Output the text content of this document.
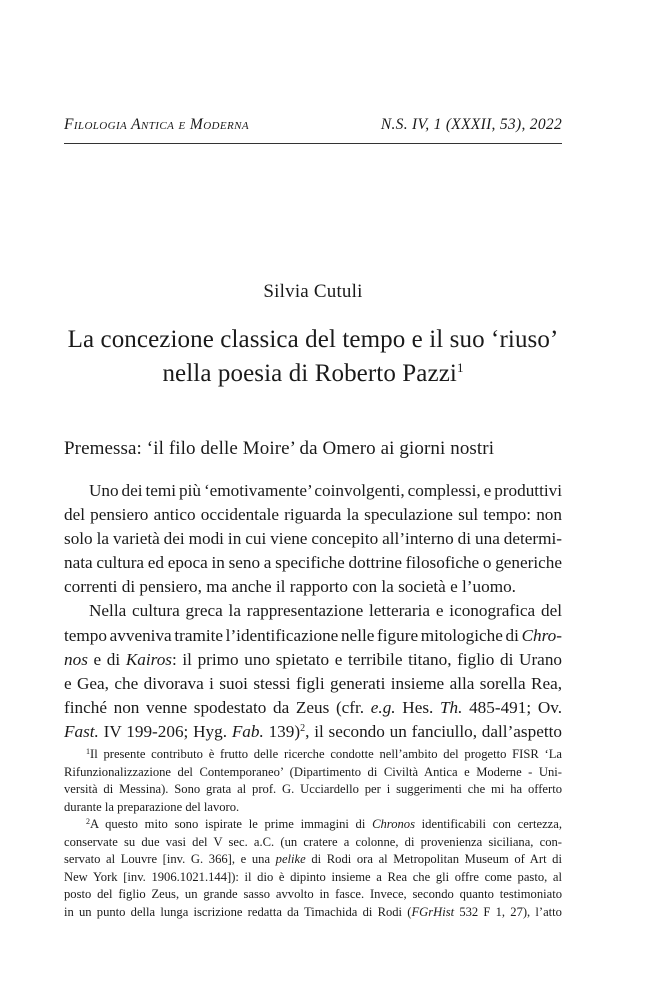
Filologia Antica e Moderna	N.S. IV, 1 (XXXII, 53), 2022
Silvia Cutuli
La concezione classica del tempo e il suo ‘riuso’
nella poesia di Roberto Pazzi$^1$
Premessa: ‘il filo delle Moire’ da Omero ai giorni nostri
Uno dei temi più ‘emotivamente’ coinvolgenti, complessi, e produttivi
del pensiero antico occidentale riguarda la speculazione sul tempo: non
solo la varietà dei modi in cui viene concepito all’interno di una determi-
nata cultura ed epoca in seno a specifiche dottrine filosofiche o generiche
correnti di pensiero, ma anche il rapporto con la società e l’uomo.
Nella cultura greca la rappresentazione letteraria e iconografica del
tempo avveniva tramite l’identificazione nelle figure mitologiche di Chro-
nos e di Kairos: il primo uno spietato e terribile titano, figlio di Urano
e Gea, che divorava i suoi stessi figli generati insieme alla sorella Rea,
finché non venne spodestato da Zeus (cfr. e.g. Hes. Th. 485-491; Ov.
Fast. IV 199-206; Hyg. Fab. 139)$^2$, il secondo un fanciullo, dall’aspetto
$^1$Il presente contributo è frutto delle ricerche condotte nell’ambito del progetto FISR ‘La
Rifunzionalizzazione del Contemporaneo’ (Dipartimento di Civiltà Antica e Moderne - Uni-
versità di Messina). Sono grata al prof. G. Ucciardello per i suggerimenti che mi ha offerto
durante la preparazione del lavoro.
$^2$A questo mito sono ispirate le prime immagini di Chronos identificabili con certezza,
conservate su due vasi del V sec. a.C. (un cratere a colonne, di provenienza siciliana, con-
servato al Louvre [inv. G. 366], e una pelike di Rodi ora al Metropolitan Museum of Art di
New York [inv. 1906.1021.144]): il dio è dipinto insieme a Rea che gli offre come pasto, al
posto del figlio Zeus, un grande sasso avvolto in fasce. Invece, secondo quanto testimoniato
in un punto della lunga iscrizione redatta da Timachida di Rodi (FGrHist 532 F 1, 27), l’atto
